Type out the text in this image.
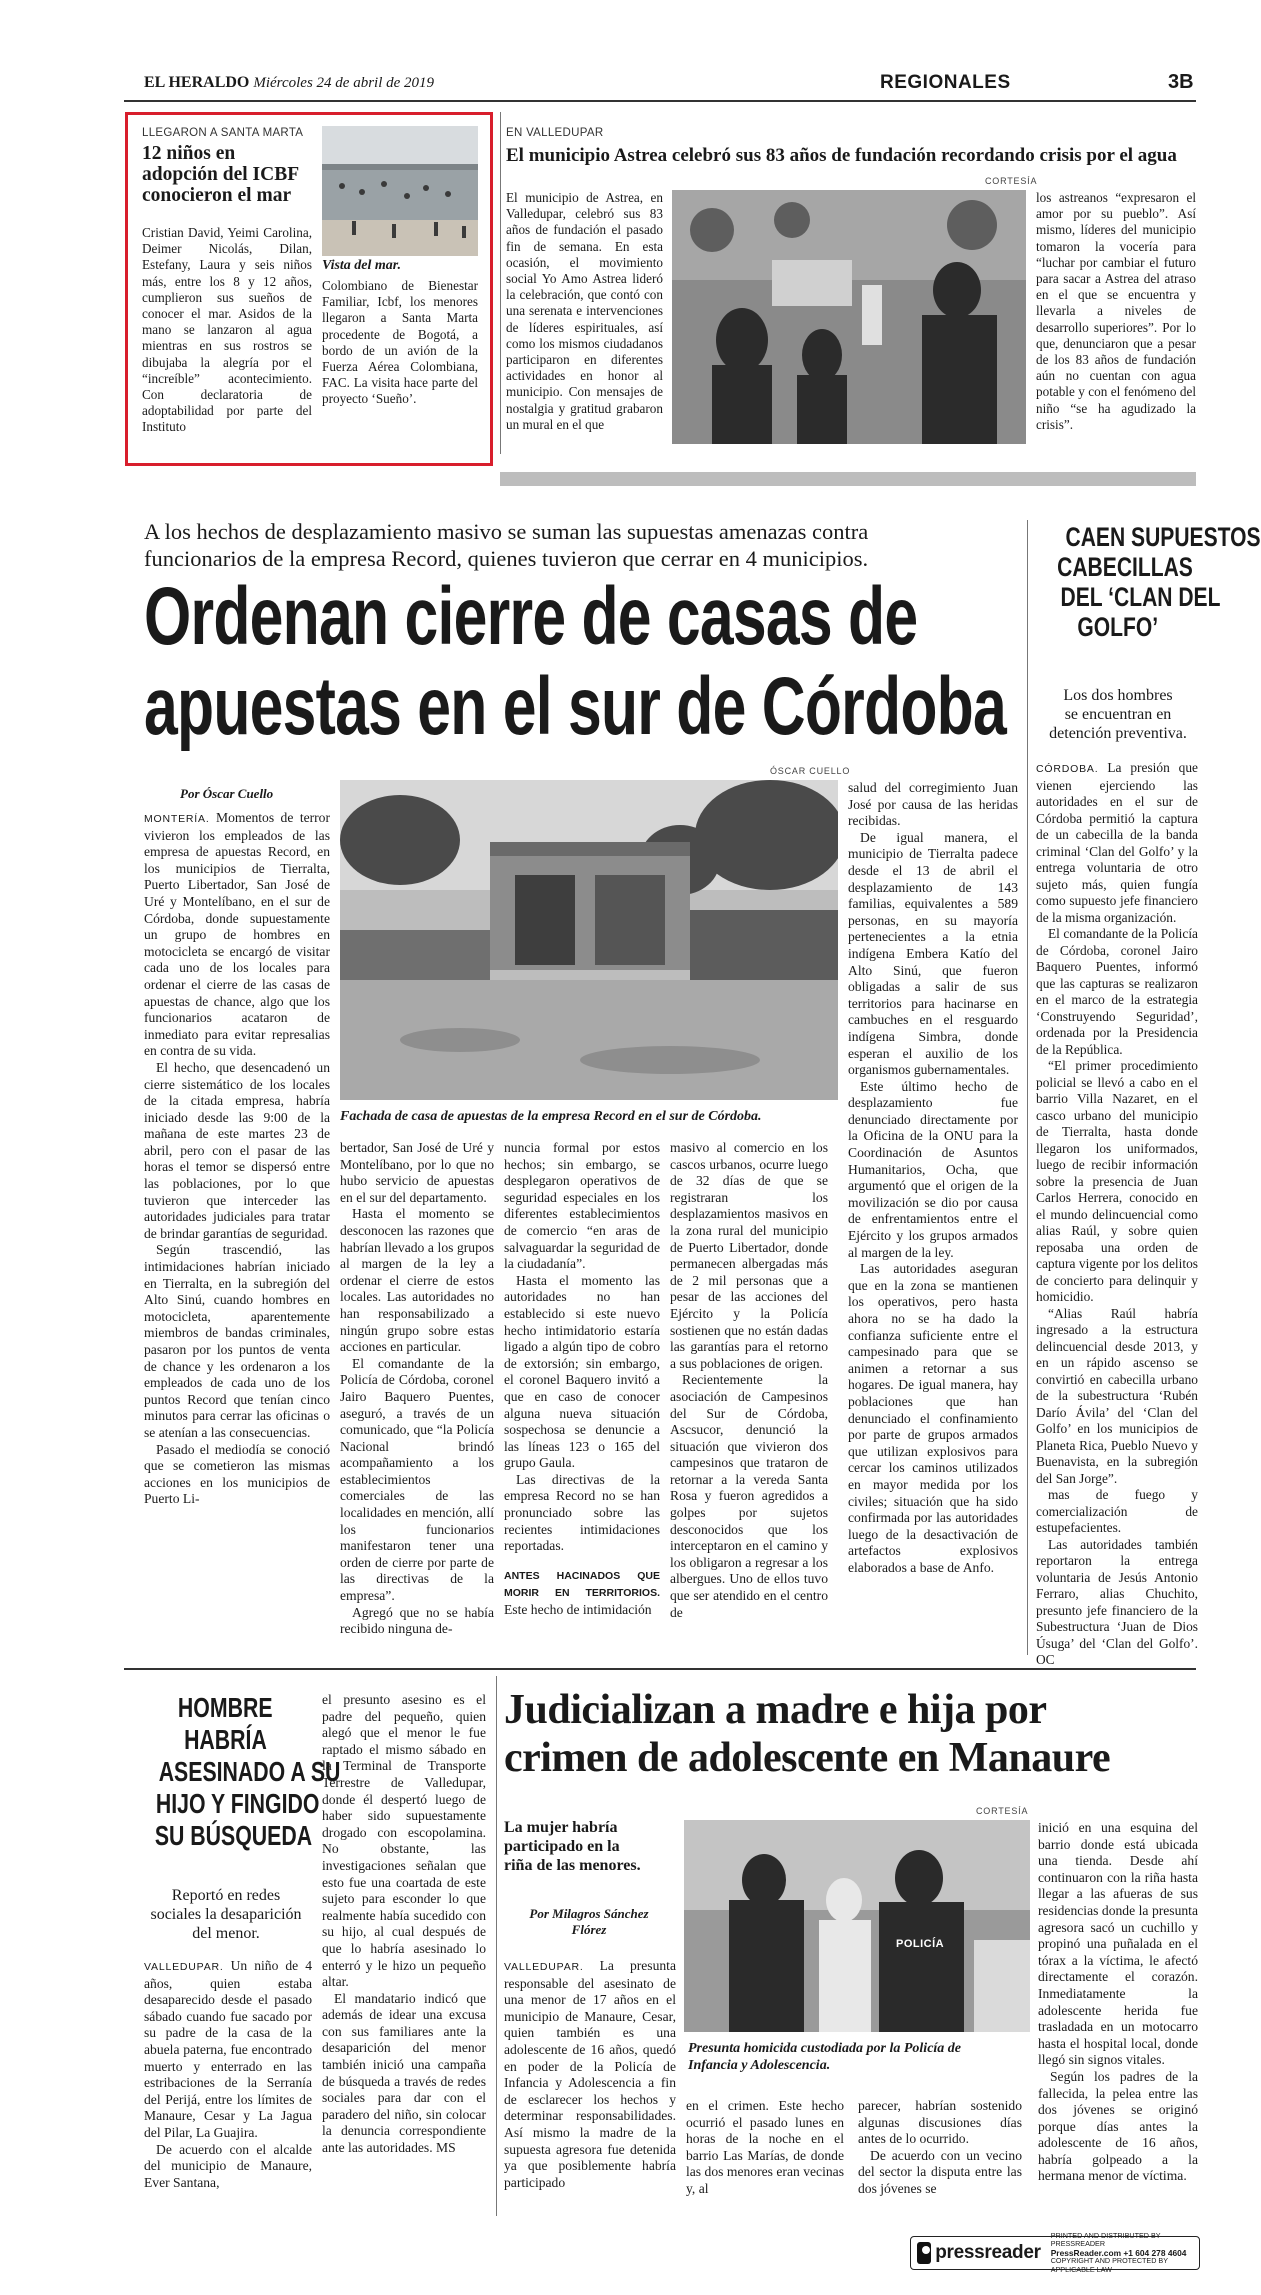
EL HERALDO Miércoles 24 de abril de 2019	REGIONALES	3B
LLEGARON A SANTA MARTA
12 niños en
adopción del ICBF
conocieron el mar
Vista del mar.
Cristian David, Yeimi Carolina, Deimer Nicolás, Dilan, Estefany, Laura y seis niños más, entre los 8 y 12 años, cumplieron sus sueños de conocer el mar. Asidos de la mano se lanzaron al agua mientras en sus rostros se dibujaba la alegría por el “increíble” acontecimiento. Con declaratoria de adoptabilidad por parte del Instituto
Colombiano de Bienestar Familiar, Icbf, los menores llegaron a Santa Marta procedente de Bogotá, a bordo de un avión de la Fuerza Aérea Colombiana, FAC. La visita hace parte del proyecto ‘Sueño’.
EN VALLEDUPAR
El municipio Astrea celebró sus 83 años de fundación recordando crisis por el agua
CORTESÍA
El municipio de Astrea, en Valledupar, celebró sus 83 años de fundación el pasado fin de semana. En esta ocasión, el movimiento social Yo Amo Astrea lideró la celebración, que contó con una serenata e intervenciones de líderes espirituales, así como los mismos ciudadanos participaron en diferentes actividades en honor al municipio. Con mensajes de nostalgia y gratitud grabaron un mural en el que
los astreanos “expresaron el amor por su pueblo”. Así mismo, líderes del municipio tomaron la vocería para “luchar por cambiar el futuro para sacar a Astrea del atraso en el que se encuentra y llevarla a niveles de desarrollo superiores”. Por lo que, denunciaron que a pesar de los 83 años de fundación aún no cuentan con agua potable y con el fenómeno del niño “se ha agudizado la crisis”.
A los hechos de desplazamiento masivo se suman las supuestas amenazas contra
funcionarios de la empresa Record, quienes tuvieron que cerrar en 4 municipios.
Ordenan cierre de casas de
apuestas en el sur de Córdoba
Por Óscar Cuello
ÓSCAR CUELLO
Fachada de casa de apuestas de la empresa Record en el sur de Córdoba.

MONTERÍA. Momentos de terror vivieron los empleados de las empresa de apuestas Record, en los municipios de Tierralta, Puerto Libertador, San José de Uré y Montelíbano, en el sur de Córdoba, donde supuestamente un grupo de hombres en motocicleta se encargó de visitar cada uno de los locales para ordenar el cierre de las casas de apuestas de chance, algo que los funcionarios acataron de inmediato para evitar represalias en contra de su vida.

El hecho, que desencadenó un cierre sistemático de los locales de la citada empresa, habría iniciado desde las 9:00 de la mañana de este martes 23 de abril, pero con el pasar de las horas el temor se dispersó entre las poblaciones, por lo que tuvieron que interceder las autoridades judiciales para tratar de brindar garantías de seguridad.

Según trascendió, las intimidaciones habrían iniciado en Tierralta, en la subregión del Alto Sinú, cuando hombres en motocicleta, aparentemente miembros de bandas criminales, pasaron por los puntos de venta de chance y les ordenaron a los empleados de cada uno de los puntos Record que tenían cinco minutos para cerrar las oficinas o se atenían a las consecuencias.

Pasado el mediodía se conoció que se cometieron las mismas acciones en los municipios de Puerto Li-

bertador, San José de Uré y Montelíbano, por lo que no hubo servicio de apuestas en el sur del departamento.

Hasta el momento se desconocen las razones que habrían llevado a los grupos al margen de la ley a ordenar el cierre de estos locales. Las autoridades no han responsabilizado a ningún grupo sobre estas acciones en particular.

El comandante de la Policía de Córdoba, coronel Jairo Baquero Puentes, aseguró, a través de un comunicado, que “la Policía Nacional brindó acompañamiento a los establecimientos comerciales de las localidades en mención, allí los funcionarios manifestaron tener una orden de cierre por parte de las directivas de la empresa”.

Agregó que no se había recibido ninguna de-

nuncia formal por estos hechos; sin embargo, se desplegaron operativos de seguridad especiales en los diferentes establecimientos de comercio “en aras de salvaguardar la seguridad de la ciudadanía”.

Hasta el momento las autoridades no han establecido si este nuevo hecho intimidatorio estaría ligado a algún tipo de cobro de extorsión; sin embargo, el coronel Baquero invitó a que en caso de conocer alguna nueva situación sospechosa se denuncie a las líneas 123 o 165 del grupo Gaula.

Las directivas de la empresa Record no se han pronunciado sobre las recientes intimidaciones reportadas.

ANTES HACINADOS QUE MORIR EN TERRITORIOS. Este hecho de intimidación

masivo al comercio en los cascos urbanos, ocurre luego de 32 días de que se registraran los desplazamientos masivos en la zona rural del municipio de Puerto Libertador, donde permanecen albergadas más de 2 mil personas que a pesar de las acciones del Ejército y la Policía sostienen que no están dadas las garantías para el retorno a sus poblaciones de origen.

Recientemente la asociación de Campesinos del Sur de Córdoba, Ascsucor, denunció la situación que vivieron dos campesinos que trataron de retornar a la vereda Santa Rosa y fueron agredidos a golpes por sujetos desconocidos que los interceptaron en el camino y los obligaron a regresar a los albergues. Uno de ellos tuvo que ser atendido en el centro de

salud del corregimiento Juan José por causa de las heridas recibidas.

De igual manera, el municipio de Tierralta padece desde el 13 de abril el desplazamiento de 143 familias, equivalentes a 589 personas, en su mayoría pertenecientes a la etnia indígena Embera Katío del Alto Sinú, que fueron obligadas a salir de sus territorios para hacinarse en cambuches en el resguardo indígena Simbra, donde esperan el auxilio de los organismos gubernamentales.

Este último hecho de desplazamiento fue denunciado directamente por la Oficina de la ONU para la Coordinación de Asuntos Humanitarios, Ocha, que argumentó que el origen de la movilización se dio por causa de enfrentamientos entre el Ejército y los grupos armados al margen de la ley.

Las autoridades aseguran que en la zona se mantienen los operativos, pero hasta ahora no se ha dado la confianza suficiente entre el campesinado para que se animen a retornar a sus hogares. De igual manera, hay poblaciones que han denunciado el confinamiento por parte de grupos armados que utilizan explosivos para cercar los caminos utilizados en mayor medida por los civiles; situación que ha sido confirmada por las autoridades luego de la desactivación de artefactos explosivos elaborados a base de Anfo.

CAEN SUPUESTOS
CABECILLAS
DEL ‘CLAN DEL
GOLFO’
Los dos hombres
se encuentran en
detención preventiva.

CÓRDOBA. La presión que vienen ejerciendo las autoridades en el sur de Córdoba permitió la captura de un cabecilla de la banda criminal ‘Clan del Golfo’ y la entrega voluntaria de otro sujeto más, quien fungía como supuesto jefe financiero de la misma organización.

El comandante de la Policía de Córdoba, coronel Jairo Baquero Puentes, informó que las capturas se realizaron en el marco de la estrategia ‘Construyendo Seguridad’, ordenada por la Presidencia de la República.

“El primer procedimiento policial se llevó a cabo en el barrio Villa Nazaret, en el casco urbano del municipio de Tierralta, hasta donde llegaron los uniformados, luego de recibir información sobre la presencia de Juan Carlos Herrera, conocido en el mundo delincuencial como alias Raúl, y sobre quien reposaba una orden de captura vigente por los delitos de concierto para delinquir y homicidio.

“Alias Raúl habría ingresado a la estructura delincuencial desde 2013, y en un rápido ascenso se convirtió en cabecilla urbano de la subestructura ‘Rubén Darío Ávila’ del ‘Clan del Golfo’ en los municipios de Planeta Rica, Pueblo Nuevo y Buenavista, en la subregión del San Jorge”.

mas de fuego y comercialización de estupefacientes.

Las autoridades también reportaron la entrega voluntaria de Jesús Antonio Ferraro, alias Chuchito, presunto jefe financiero de la Subestructura ‘Juan de Dios Úsuga’ del ‘Clan del Golfo’. OC

HOMBRE
HABRÍA
ASESINADO A SU
HIJO Y FINGIDO
SU BÚSQUEDA
Reportó en redes
sociales la desaparición
del menor.

VALLEDUPAR. Un niño de 4 años, quien estaba desaparecido desde el pasado sábado cuando fue sacado por su padre de la casa de la abuela paterna, fue encontrado muerto y enterrado en las estribaciones de la Serranía del Perijá, entre los límites de Manaure, Cesar y La Jagua del Pilar, La Guajira.

De acuerdo con el alcalde del municipio de Manaure, Ever Santana,

el presunto asesino es el padre del pequeño, quien alegó que el menor le fue raptado el mismo sábado en la Terminal de Transporte Terrestre de Valledupar, donde él despertó luego de haber sido supuestamente drogado con escopolamina. No obstante, las investigaciones señalan que esto fue una coartada de este sujeto para esconder lo que realmente había sucedido con su hijo, al cual después de que lo habría asesinado lo enterró y le hizo un pequeño altar.

El mandatario indicó que además de idear una excusa con sus familiares ante la desaparición del menor también inició una campaña de búsqueda a través de redes sociales para dar con el paradero del niño, sin colocar la denuncia correspondiente ante las autoridades. MS

Judicializan a madre e hija por
crimen de adolescente en Manaure
La mujer habría
participado en la
riña de las menores.
Por Milagros Sánchez
Flórez
CORTESÍA
POLICÍA
Presunta homicida custodiada por la Policía de
Infancia y Adolescencia.

VALLEDUPAR. La presunta responsable del asesinato de una menor de 17 años en el municipio de Manaure, Cesar, quien también es una adolescente de 16 años, quedó en poder de la Policía de Infancia y Adolescencia a fin de esclarecer los hechos y determinar responsabilidades. Así mismo la madre de la supuesta agresora fue detenida ya que posiblemente habría participado

en el crimen. Este hecho ocurrió el pasado lunes en horas de la noche en el barrio Las Marías, de donde las dos menores eran vecinas y, al

parecer, habrían sostenido algunas discusiones días antes de lo ocurrido.

De acuerdo con un vecino del sector la disputa entre las dos jóvenes se

inició en una esquina del barrio donde está ubicada una tienda. Desde ahí continuaron con la riña hasta llegar a las afueras de sus residencias donde la presunta agresora sacó un cuchillo y propinó una puñalada en el tórax a la víctima, le afectó directamente el corazón. Inmediatamente la adolescente herida fue trasladada en un motocarro hasta el hospital local, donde llegó sin signos vitales.

Según los padres de la fallecida, la pelea entre las dos jóvenes se originó porque días antes la adolescente de 16 años, habría golpeado a la hermana menor de víctima.

pressreader
PRINTED AND DISTRIBUTED BY PRESSREADER
PressReader.com +1 604 278 4604
COPYRIGHT AND PROTECTED BY APPLICABLE LAW
